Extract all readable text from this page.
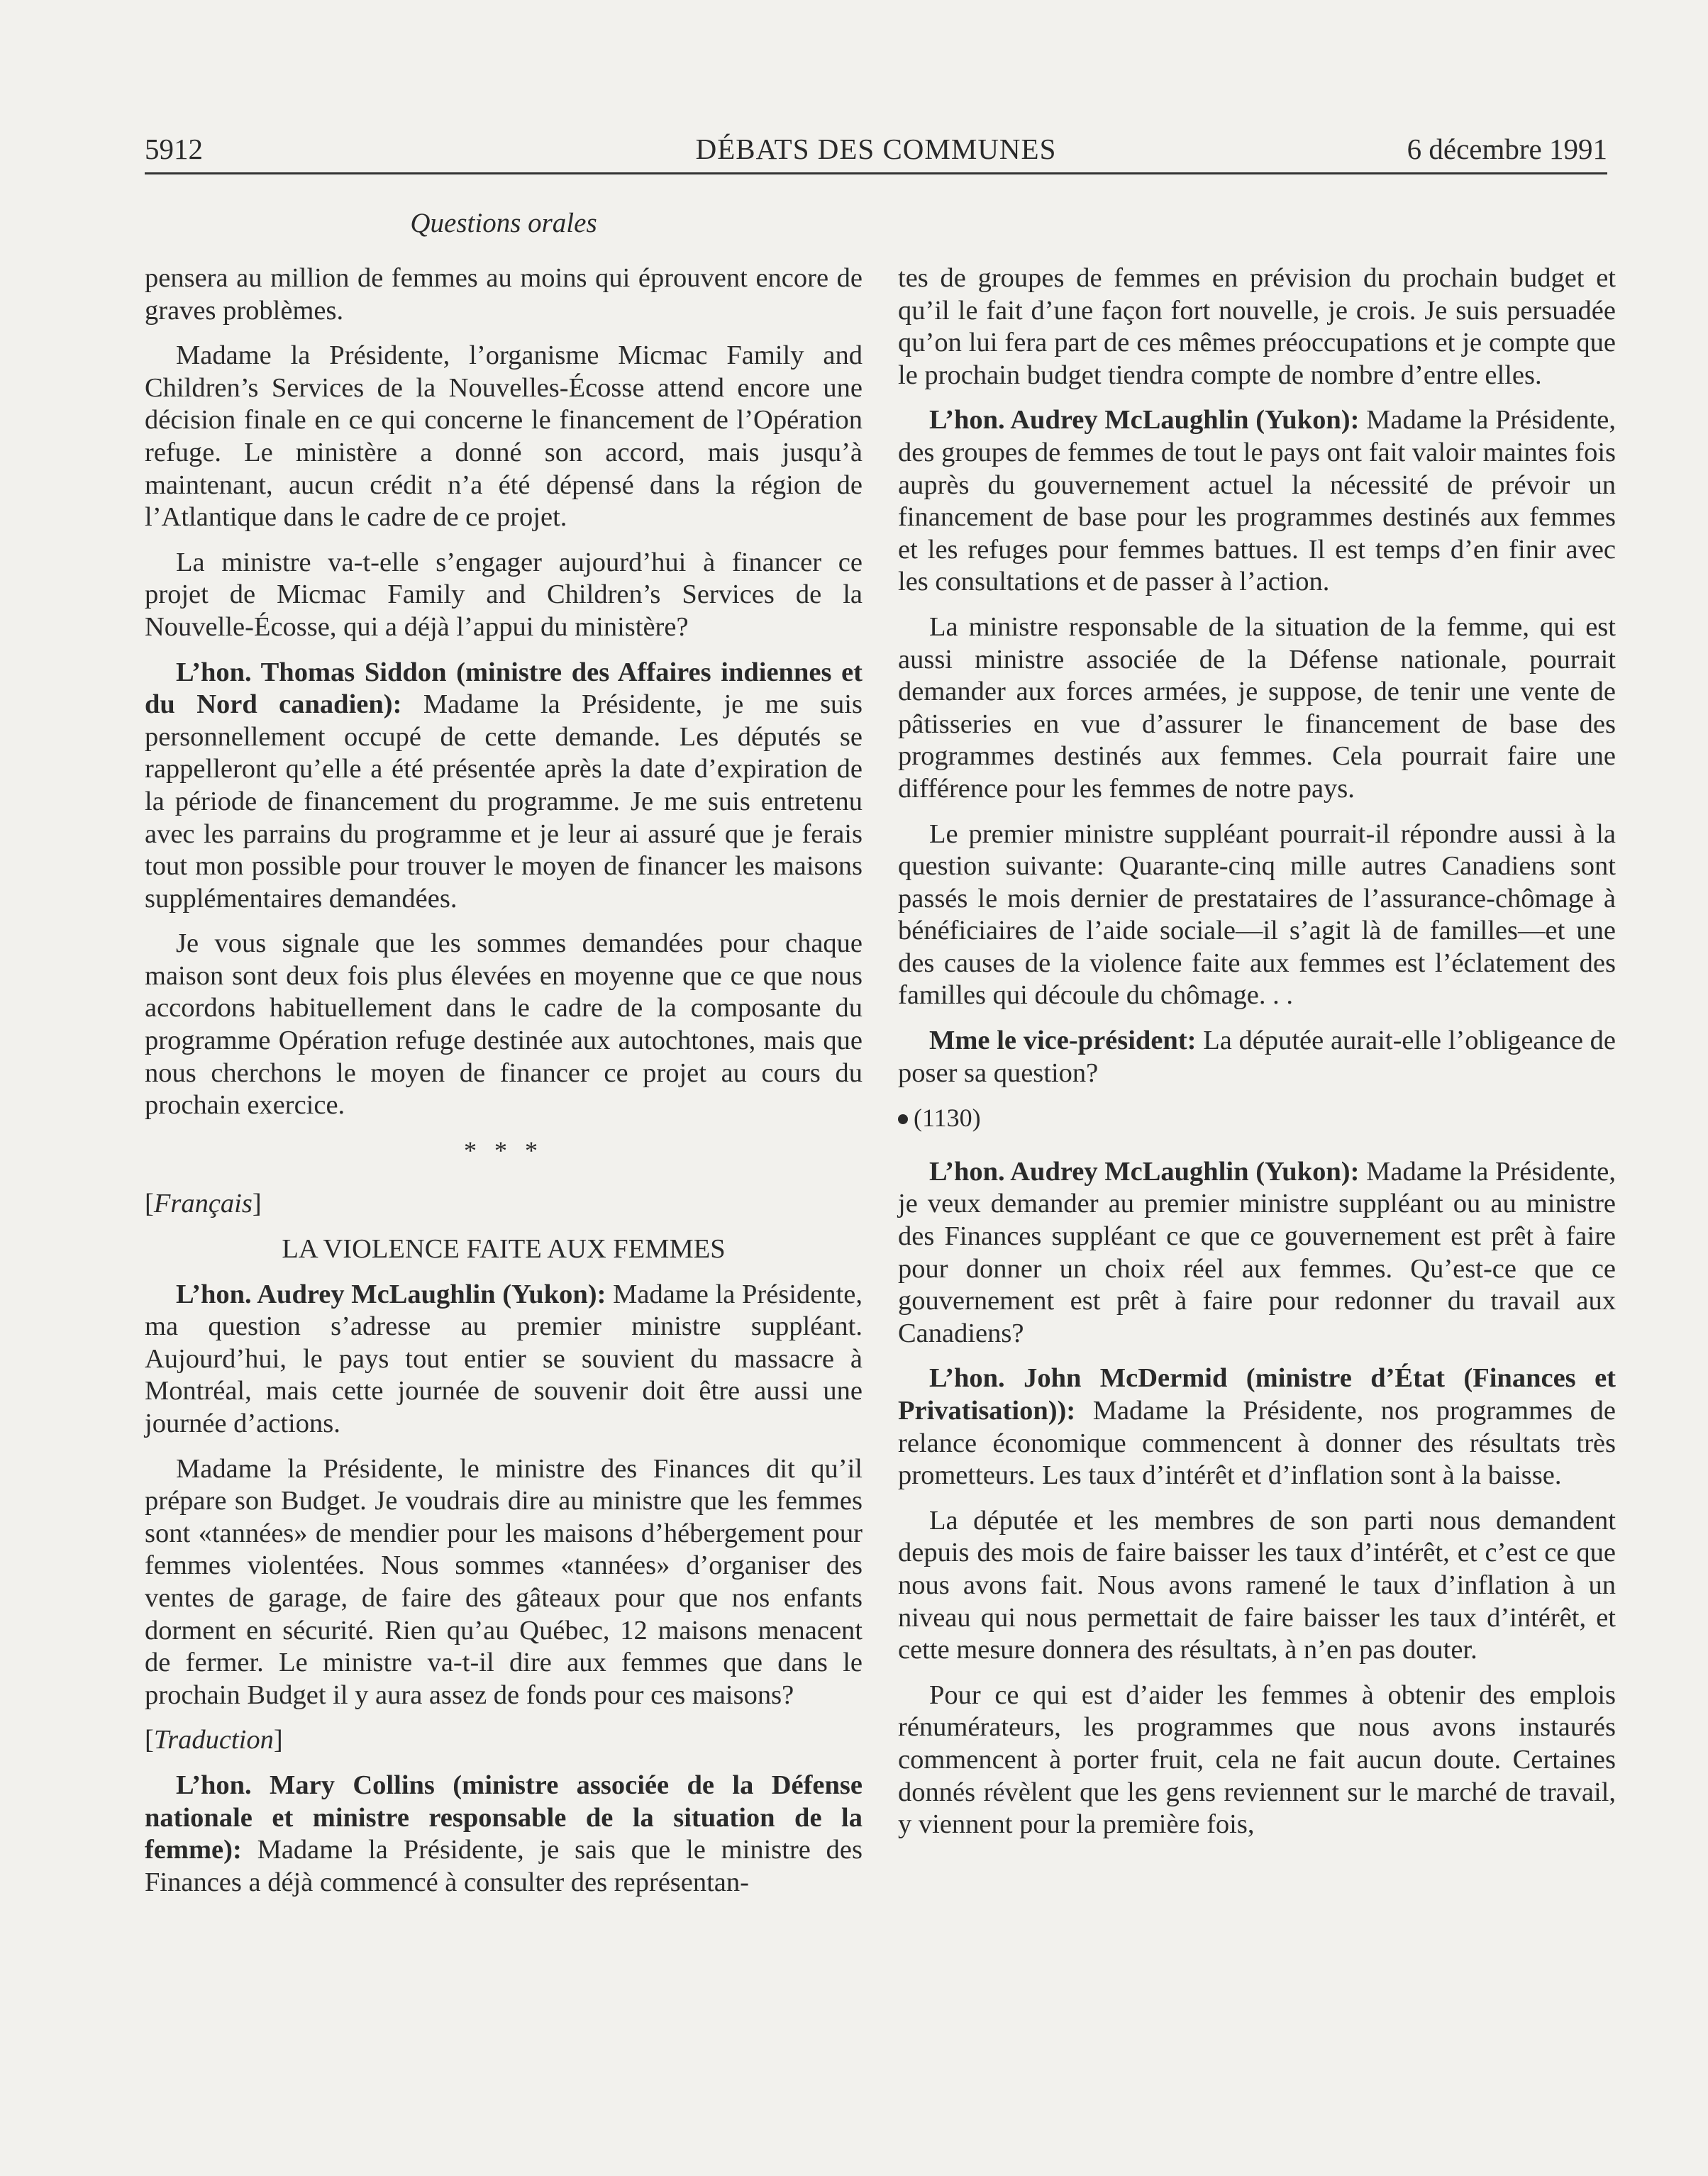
5912	DÉBATS DES COMMUNES	6 décembre 1991
Questions orales

pensera au million de femmes au moins qui éprouvent encore de graves problèmes.

Madame la Présidente, l’organisme Micmac Family and Children’s Services de la Nouvelles-Écosse attend encore une décision finale en ce qui concerne le financement de l’Opération refuge. Le ministère a donné son accord, mais jusqu’à maintenant, aucun crédit n’a été dépensé dans la région de l’Atlantique dans le cadre de ce projet.

La ministre va-t-elle s’engager aujourd’hui à financer ce projet de Micmac Family and Children’s Services de la Nouvelle-Écosse, qui a déjà l’appui du ministère?

L’hon. Thomas Siddon (ministre des Affaires indiennes et du Nord canadien): Madame la Présidente, je me suis personnellement occupé de cette demande. Les députés se rappelleront qu’elle a été présentée après la date d’expiration de la période de financement du programme. Je me suis entretenu avec les parrains du programme et je leur ai assuré que je ferais tout mon possible pour trouver le moyen de financer les maisons supplémentaires demandées.

Je vous signale que les sommes demandées pour chaque maison sont deux fois plus élevées en moyenne que ce que nous accordons habituellement dans le cadre de la composante du programme Opération refuge destinée aux autochtones, mais que nous cherchons le moyen de financer ce projet au cours du prochain exercice.

* * *
[Français]
LA VIOLENCE FAITE AUX FEMMES

L’hon. Audrey McLaughlin (Yukon): Madame la Présidente, ma question s’adresse au premier ministre suppléant. Aujourd’hui, le pays tout entier se souvient du massacre à Montréal, mais cette journée de souvenir doit être aussi une journée d’actions.

Madame la Présidente, le ministre des Finances dit qu’il prépare son Budget. Je voudrais dire au ministre que les femmes sont «tannées» de mendier pour les maisons d’hébergement pour femmes violentées. Nous sommes «tannées» d’organiser des ventes de garage, de faire des gâteaux pour que nos enfants dorment en sécurité. Rien qu’au Québec, 12 maisons menacent de fermer. Le ministre va-t-il dire aux femmes que dans le prochain Budget il y aura assez de fonds pour ces maisons?

[Traduction]

L’hon. Mary Collins (ministre associée de la Défense nationale et ministre responsable de la situation de la femme): Madame la Présidente, je sais que le ministre des Finances a déjà commencé à consulter des représentan-

tes de groupes de femmes en prévision du prochain budget et qu’il le fait d’une façon fort nouvelle, je crois. Je suis persuadée qu’on lui fera part de ces mêmes préoccupations et je compte que le prochain budget tiendra compte de nombre d’entre elles.

L’hon. Audrey McLaughlin (Yukon): Madame la Présidente, des groupes de femmes de tout le pays ont fait valoir maintes fois auprès du gouvernement actuel la nécessité de prévoir un financement de base pour les programmes destinés aux femmes et les refuges pour femmes battues. Il est temps d’en finir avec les consultations et de passer à l’action.

La ministre responsable de la situation de la femme, qui est aussi ministre associée de la Défense nationale, pourrait demander aux forces armées, je suppose, de tenir une vente de pâtisseries en vue d’assurer le financement de base des programmes destinés aux femmes. Cela pourrait faire une différence pour les femmes de notre pays.

Le premier ministre suppléant pourrait-il répondre aussi à la question suivante: Quarante-cinq mille autres Canadiens sont passés le mois dernier de prestataires de l’assurance-chômage à bénéficiaires de l’aide sociale—il s’agit là de familles—et une des causes de la violence faite aux femmes est l’éclatement des familles qui découle du chômage. . .

Mme le vice-président: La députée aurait-elle l’obligeance de poser sa question?

(1130)

L’hon. Audrey McLaughlin (Yukon): Madame la Présidente, je veux demander au premier ministre suppléant ou au ministre des Finances suppléant ce que ce gouvernement est prêt à faire pour donner un choix réel aux femmes. Qu’est-ce que ce gouvernement est prêt à faire pour redonner du travail aux Canadiens?

L’hon. John McDermid (ministre d’État (Finances et Privatisation)): Madame la Présidente, nos programmes de relance économique commencent à donner des résultats très prometteurs. Les taux d’intérêt et d’inflation sont à la baisse.

La députée et les membres de son parti nous demandent depuis des mois de faire baisser les taux d’intérêt, et c’est ce que nous avons fait. Nous avons ramené le taux d’inflation à un niveau qui nous permettait de faire baisser les taux d’intérêt, et cette mesure donnera des résultats, à n’en pas douter.

Pour ce qui est d’aider les femmes à obtenir des emplois rénumérateurs, les programmes que nous avons instaurés commencent à porter fruit, cela ne fait aucun doute. Certaines donnés révèlent que les gens reviennent sur le marché de travail, y viennent pour la première fois,
